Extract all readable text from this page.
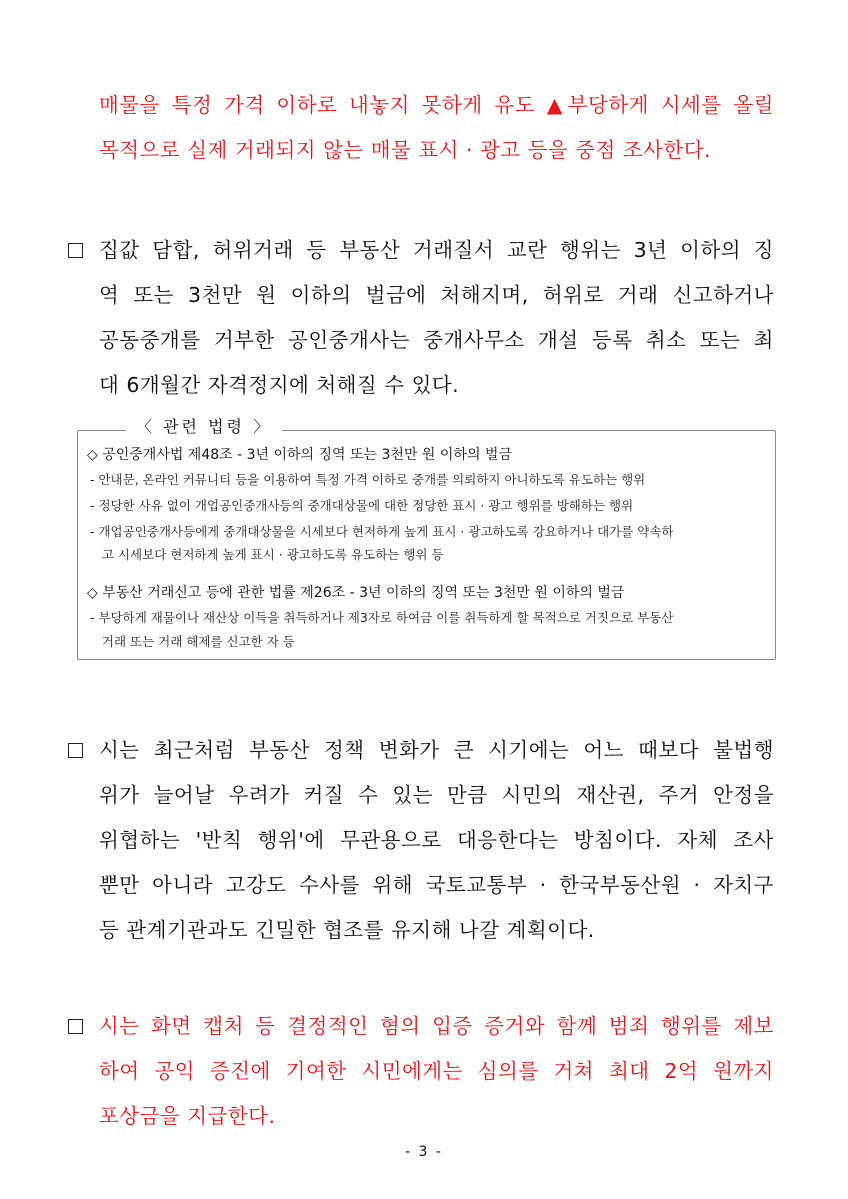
매물을 특정 가격 이하로 내놓지 못하게 유도 ▲부당하게 시세를 올릴
목적으로 실제 거래되지 않는 매물 표시 · 광고 등을 중점 조사한다.
집값 담합, 허위거래 등 부동산 거래질서 교란 행위는 3년 이하의 징
역 또는 3천만 원 이하의 벌금에 처해지며, 허위로 거래 신고하거나
공동중개를 거부한 공인중개사는 중개사무소 개설 등록 취소 또는 최
대 6개월간 자격정지에 처해질 수 있다.
〈 관련 법령 〉
◇ 공인중개사법 제48조 - 3년 이하의 징역 또는 3천만 원 이하의 벌금
- 안내문, 온라인 커뮤니티 등을 이용하여 특정 가격 이하로 중개를 의뢰하지 아니하도록 유도하는 행위
- 정당한 사유 없이 개업공인중개사등의 중개대상물에 대한 정당한 표시 · 광고 행위를 방해하는 행위
- 개업공인중개사등에게 중개대상물을 시세보다 현저하게 높게 표시 · 광고하도록 강요하거나 대가를 약속하
고 시세보다 현저하게 높게 표시 · 광고하도록 유도하는 행위 등
◇ 부동산 거래신고 등에 관한 법률 제26조 - 3년 이하의 징역 또는 3천만 원 이하의 벌금
- 부당하게 재물이나 재산상 이득을 취득하거나 제3자로 하여금 이를 취득하게 할 목적으로 거짓으로 부동산
거래 또는 거래 해제를 신고한 자 등
시는 최근처럼 부동산 정책 변화가 큰 시기에는 어느 때보다 불법행
위가 늘어날 우려가 커질 수 있는 만큼 시민의 재산권, 주거 안정을
위협하는 '반칙 행위'에 무관용으로 대응한다는 방침이다. 자체 조사
뿐만 아니라 고강도 수사를 위해 국토교통부 · 한국부동산원 · 자치구
등 관계기관과도 긴밀한 협조를 유지해 나갈 계획이다.
시는 화면 캡처 등 결정적인 혐의 입증 증거와 함께 범죄 행위를 제보
하여 공익 증진에 기여한 시민에게는 심의를 거쳐 최대 2억 원까지
포상금을 지급한다.
- 3 -
